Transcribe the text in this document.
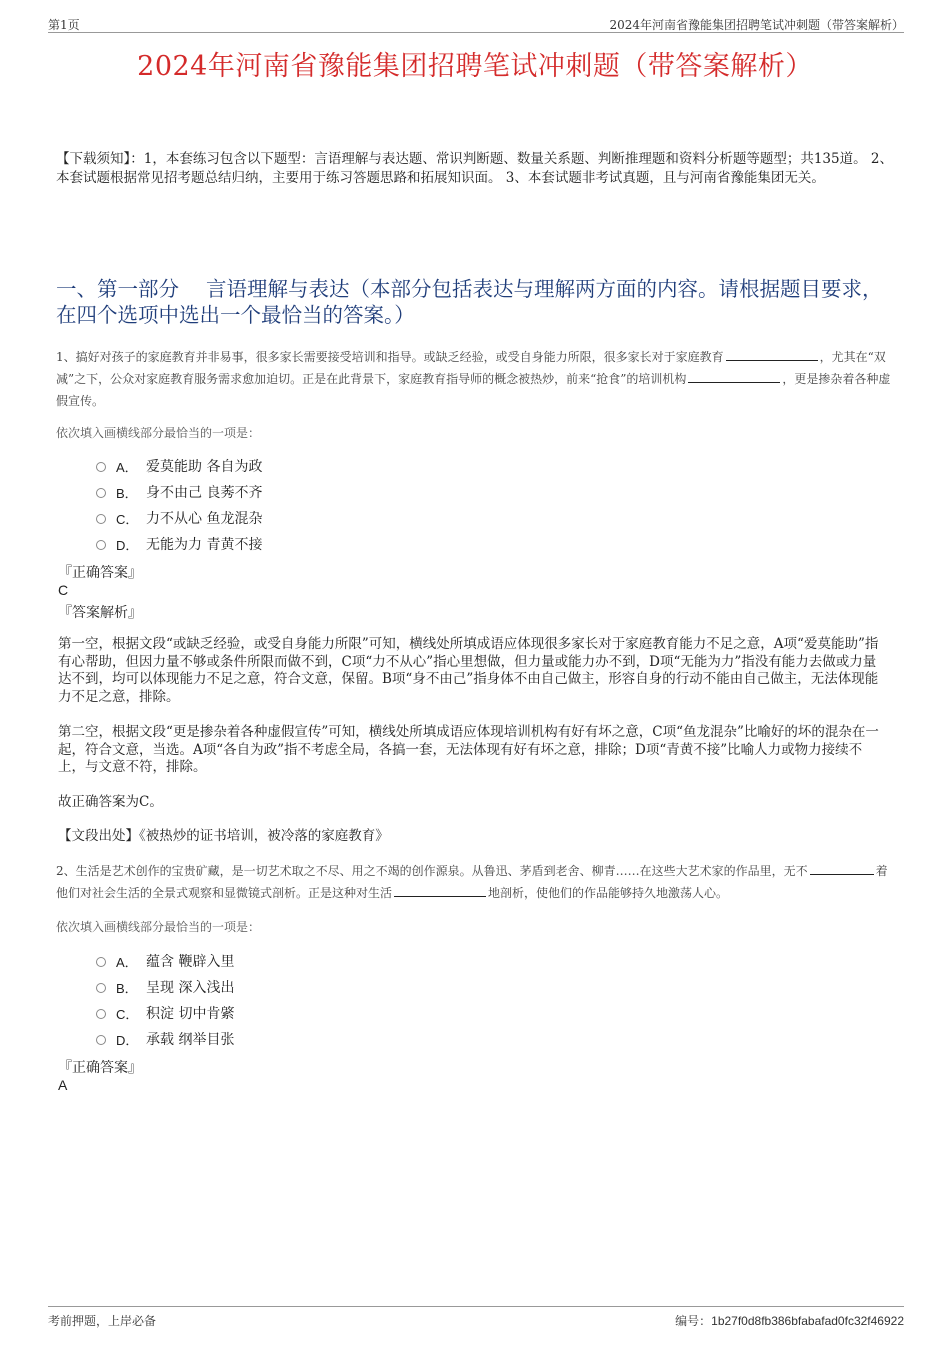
第1页	2024年河南省豫能集团招聘笔试冲刺题（带答案解析）
2024年河南省豫能集团招聘笔试冲刺题（带答案解析）
【下载须知】：1，本套练习包含以下题型：言语理解与表达题、常识判断题、数量关系题、判断推理题和资料分析题等题型；共135道。 2、本套试题根据常见招考题总结归纳，主要用于练习答题思路和拓展知识面。 3、本套试题非考试真题，且与河南省豫能集团无关。
一、第一部分　 言语理解与表达（本部分包括表达与理解两方面的内容。请根据题目要求，在四个选项中选出一个最恰当的答案。）
1、搞好对孩子的家庭教育并非易事，很多家长需要接受培训和指导。或缺乏经验，或受自身能力所限，很多家长对于家庭教育	，尤其在“双减”之下，公众对家庭教育服务需求愈加迫切。正是在此背景下，家庭教育指导师的概念被热炒，前来“抢食”的培训机构	，更是掺杂着各种虚假宣传。
依次填入画横线部分最恰当的一项是：
A． 爱莫能助 各自为政
B． 身不由己 良莠不齐
C． 力不从心 鱼龙混杂
D． 无能为力 青黄不接
『正确答案』
C
『答案解析』
第一空，根据文段“或缺乏经验，或受自身能力所限”可知，横线处所填成语应体现很多家长对于家庭教育能力不足之意，A项“爱莫能助”指有心帮助，但因力量不够或条件所限而做不到，C项“力不从心”指心里想做，但力量或能力办不到，D项“无能为力”指没有能力去做或力量达不到，均可以体现能力不足之意，符合文意，保留。B项“身不由己”指身体不由自己做主，形容自身的行动不能由自己做主，无法体现能力不足之意，排除。
第二空，根据文段“更是掺杂着各种虚假宣传”可知，横线处所填成语应体现培训机构有好有坏之意，C项“鱼龙混杂”比喻好的坏的混杂在一起，符合文意，当选。A项“各自为政”指不考虑全局，各搞一套，无法体现有好有坏之意，排除；D项“青黄不接”比喻人力或物力接续不上，与文意不符，排除。
故正确答案为C。
【文段出处】《被热炒的证书培训，被冷落的家庭教育》
2、生活是艺术创作的宝贵矿藏，是一切艺术取之不尽、用之不竭的创作源泉。从鲁迅、茅盾到老舍、柳青……在这些大艺术家的作品里，无不	着他们对社会生活的全景式观察和显微镜式剖析。正是这种对生活	地剖析，使他们的作品能够持久地激荡人心。
依次填入画横线部分最恰当的一项是：
A． 蕴含 鞭辟入里
B． 呈现 深入浅出
C． 积淀 切中肯綮
D． 承载 纲举目张
『正确答案』
A
考前押题，上岸必备	编号：1b27f0d8fb386bfabafad0fc32f46922
